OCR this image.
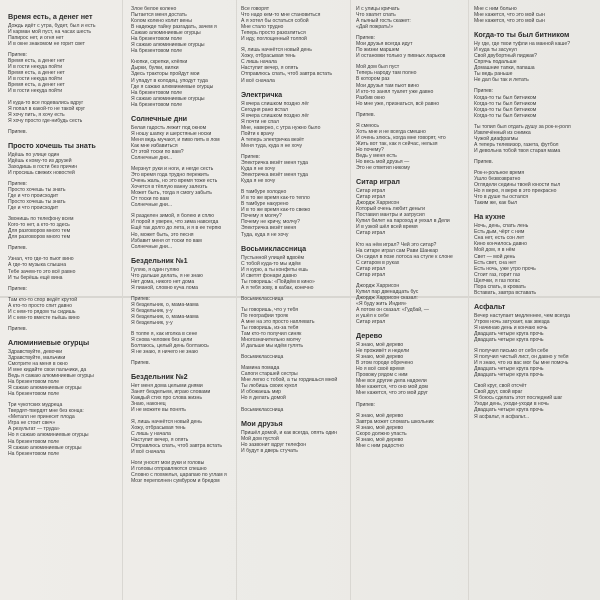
Время есть, а денег нет
Дождь идёт с утра, будет, был и есть
И карман мой пуст, на часах шесть
Папирос нет, и огня нет
И в окне знакомом не горит свет
Припев:
Время есть, а денег нет
И в гости некуда пойти
Время есть, а денег нет
И в гости некуда пойти
Время есть, а денег нет
И в гости некуда пойти
И куда-то все подевались вдруг
Я попал в какой-то не такой круг
Я хочу пить, я хочу есть
Я хочу просто где-нибудь сесть
Припев.
Просто хочешь ты знать
Идёшь по улице один
Идёшь к кому-то из друзей
Заходишь в гости без причин
И просишь свежих новостей
Припев:
Просто хочешь ты знать
Где и что происходит
Просто хочешь ты знать
Где и что происходит
Звонишь по телефону всем
Кого-то нет, а кто-то здесь
Для разговоров много тем
Для разговоров много тем
Припев.
Узнал, что где-то пьют вино
А где-то музыка слышна
Тебе зачем-то это всё равно
И ты берёшь ещё вина
Припев:
Там кто-то спор ведёт крутой
А кто-то просто спит давно
И с кем-то рядом ты сидишь
И с кем-то вместе пьёшь вино
Припев.
Алюминиевые огурцы
Здравствуйте, девочки
Здравствуйте, мальчики
Смотрите на меня в окно
И мне кидайте свои пальчики, да
Ведь я сажаю алюминиевые огурцы
На брезентовом поле
Я сажаю алюминиевые огурцы
На брезентовом поле
Три чукотских мудреца
Твердят-твердят мне без конца:
«Металл не принесет плода
Игра не стоит свеч»
А результат — труда»
Но я сажаю алюминиевые огурцы
На брезентовом поле
Я сажаю алюминиевые огурцы
На брезентовом поле
Злое белое колено
Пытается меня достать
Колом колено колит вены
В надежде тайну разгадать, зачем я
Сажаю алюминиевые огурцы
На брезентовом поле
Я сажаю алюминиевые огурцы
На брезентовом поле
Кнопки, скрепки, клёпки
Дырки, булки, вилки
Здесь тракторы пройдут мои
И упадут в колодец, уподут туда
Где я сажаю алюминиевые огурцы
На брезентовом поле
Я сажаю алюминиевые огурцы
На брезентовом поле
Солнечные дни
Белая гадость лежит под окном
Я ношу шапку и шерстяные носки
Меня ведь мучают, и пиво пить в лом
Как мне избавиться
От этой тоски по вам?
Солнечные дни...
Мерзнут руки и ноги, и негде сесть
Это время года трудно пережить
Очень жаль, но это время тоже есть
Хочется в тёплую ванну залезть
Может быть, тогда я смогу забыть
От тоски по вам
Солнечные дни...
Я разделен зимой, я болею и сплю
И порой я уверен, что зима навсегда
Ещё так долго до лета, и я в ее терпю
Но, может быть, это песня
Избавит меня от тоски по вам
Солнечные дни...
Бездельник №1
Гуляю, я один гуляю
Что дальше делать, я не знаю
Нет дома, никого нет дома
Я пианой, словно куча лома
Припев:
Я бездельник, о, мама-мама
Я бездельник, у-у
Я бездельник, о, мама-мама
Я бездельник, у-у
В толпе я, как иголка в сене
Я снова человек без цели
Болтаюсь, целый день болтаюсь
Я не знаю, я ничего не знаю
Припев.
Бездельник №2
Нет меня дома целыми днями
Занят бездельем, играю словами
Каждый стих про слова жизнь
Знаю, наконец
И не можете вы понять
Я, лишь начнётся новый день
Хожу, отбрасывая тень
С лишь у начала
Наступит вечер, я опять
Отправлюсь спать, чтоб завтра встать
И всё сначала
Ноги уносят мои руки и головы
И головы отправляются спешно
Словно с похмелья, царапаю по углам я
Мозг переполнен сумбуром и бредом
Все говорят
Что надо кем-то мне становиться
А я хотел бы остаться собой
Мне стало трудно
Теперь просто разозлиться
И иду, поглощенный толпой
Я, лишь начнётся новый день
Хожу, отбрасывая тень
С лишь начала
Наступит вечер, я опять
Отправлюсь спать, чтоб завтра встать
И всё сначала
Электричка
Я вчера слишком поздно лёг
Сегодня рано встал
Я вчера слишком поздно лёг
Я почти не спал
Мне, наверно, с утра нужно было
Пойти к врачу
А теперь электричка везёт
Меня туда, куда я не хочу
Припев:
Электричка везёт меня туда
Куда я не хочу
Электричка везёт меня туда
Куда я не хочу
В тамбуре холодно
И в то же время как-то тепло
В тамбуре накурено
И в то же время как-то свежо
Почему я молчу?
Почему не кричу, молчу?
Электричка везёт меня
Туда, куда я не хочу
Восьмиклассница
Пустынной улицей вдвоём
С тобой куда-то мы идём
И я курю, а ты конфеты ешь
И светят фонари давно
Ты говоришь: «Пойдём в кино»
А я тебя зову, в кабак, конечно
Восьмиклассница
Ты говоришь, что у тебя
По географии трояк
А мне на это просто наплевать
Ты говоришь, из-за тебя
Там кто-то получил синяк
Многозначительно молчу
И дальше мы идём гулять
Восьмиклассница
Мамина помада
Сапоги старшей сестры
Мне легко с тобой, а ты гордишься мной
Ты любишь своих кукол
И обожаешь мир
Но я делать домой
Восьмиклассница
Мои друзья
Пришёл домой, и как всегда, опять один
Мой дом пустой
Но зазвонит вдруг телефон
И будут в дверь стучать
И с улицы кричать
Что хватит спать
А пьяный гость скажет:
«Дай пожрать!»
Припев:
Мои друзья всегда идут
По жизни маршем
И остановки только у пивных ларьков
Мой дом был пуст
Теперь народу там полно
В котором раз
Мои друзья там пьют вино
И кто-то занял туалет уже давно
Разбив окно
Но мне уже, признаться, всё равно
Припев.
Я смеюсь
Хоть мне и не всегда смешно
И очень злюсь, когда мне говорят, что
Жить вот так, как я сейчас, нельзя
Но почему?
Ведь у меня есть
Но весь мой друзья —
Это не ответил никому
Ситар играл
Ситар играл
Ситар играл
Джордж Харрисон
Который очень любит деньги
Поставил мантры и затрусил
Купил билет на пароход и уехал в Дели
И в узкой шёл всей время
Ситар играл
Кто на нём играл? Чей это ситар?
На ситаре играл сам Рави Шанкар
Он сидел в позе лотоса на стуле к слоне
С ситаром в руках
Ситар играл
Ситар играл
Джордж Харрисон
Купил пар двенадцать бус
Джордж Харрисон сказал:
«Я буду жить Индия»
А потом он сказал: «Гудбай, —
и ушёл к себе
Ситар играл
Дерево
Я знаю, моё дерево
Не проживёт и недели
Я знаю, моё дерево
В этом городе обречено
Но я всё своё время
Провожу рядом с ним
Мне все другие дела надоели
Мне кажется, что оно мой дом
Мне кажется, что это мой друг
Припев:
Я знаю, моё дерево
Завтра может сломать школьник
Я знаю, моё дерево
Скоро должно упасть
Я знаю, моё дерево
Мне с ним радостно
Мне с ним больно
Мне кажется, что это мой сын
Мне кажется, что это мой сын
Когда-то ты был битником
Ну где, где твои туфли на манной каше?
И куда ты засунул
Свой двубортный пиджак?
Спрячь подальше
Домашние тапки, папаша
Ты ведь раньше
Не дал бы так и летать
Припев:
Когда-то ты был битником
Когда-то ты был битником
Когда-то ты был битником
Когда-то ты был битником
Ты топил был отдать душу за рок-н-ролл
Извлечённый из снимка
Чужой диафрагмы
А теперь телевизор, газета, футбол
И девольна тобой твоя старая мама
Припев.
Рок-н-рольное время
Ушло безвозвратно
Оглядели седины твоей юности пыл
Но я верю, я верю в это прекрасно
Что в душе ты остался
Таким же, как был
На кухне
Ночь, день, спать лень
Есть дым, чёрт с ним
Сна нет, есть сон лет
Кино кончилось давно
Мой дом, я в нём
Свет — мой день
Есть свет, сна нет
Есть ночь, уже утро прочь
Стоит газ, горит газ
Щелчки, я газ погас
Пора спать, в кровать
Вставать, завтра вставать
Асфальт
Вечер наступает медленнее, чем всегда
Утром ночь затухает, как звезда
Я начинаю день и кончаю ночь
Двадцать четыре круга прочь
Двадцать четыре круга прочь
Я получил письмо от себя себе
Я получил чистый лист, он давно у тебя
И я знаю, что из вас мог бы мне помочь
Двадцать четыре круга прочь
Двадцать четыре круга прочь
Свой круг, свой отсчёт
Свой друг, свой враг
Я боюсь сделать этот последний шаг
Уходи день, уходи-уходи в ночь
Двадцать четыре круга прочь
Я асфальт, я асфальт...
